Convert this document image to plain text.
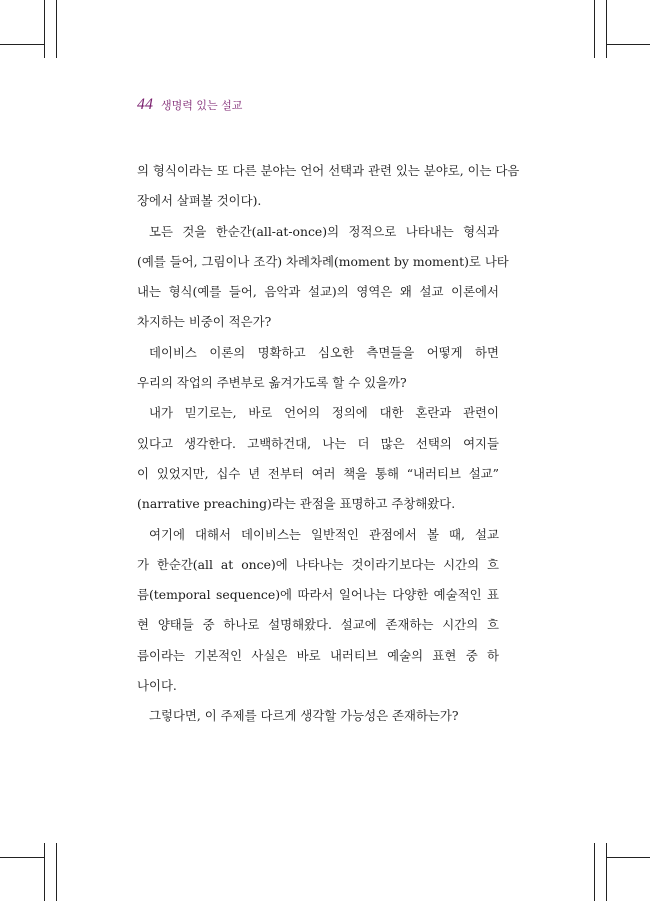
44 생명력 있는 설교

의 형식이라는 또 다른 분야는 언어 선택과 관련 있는 분야로, 이는 다음
장에서 살펴볼 것이다).

모든 것을 한순간(all-at-once)의 정적으로 나타내는 형식과
(예를 들어, 그림이나 조각) 차례차례(moment by moment)로 나타
내는 형식(예를 들어, 음악과 설교)의 영역은 왜 설교 이론에서
차지하는 비중이 적은가?

데이비스 이론의 명확하고 심오한 측면들을 어떻게 하면
우리의 작업의 주변부로 옮겨가도록 할 수 있을까?

내가 믿기로는, 바로 언어의 정의에 대한 혼란과 관련이
있다고 생각한다. 고백하건대, 나는 더 많은 선택의 여지들
이 있었지만, 십수 년 전부터 여러 책을 통해 “내러티브 설교”
(narrative preaching)라는 관점을 표명하고 주창해왔다.

여기에 대해서 데이비스는 일반적인 관점에서 볼 때, 설교
가 한순간(all at once)에 나타나는 것이라기보다는 시간의 흐
름(temporal sequence)에 따라서 일어나는 다양한 예술적인 표
현 양태들 중 하나로 설명해왔다. 설교에 존재하는 시간의 흐
름이라는 기본적인 사실은 바로 내러티브 예술의 표현 중 하
나이다.

그렇다면, 이 주제를 다르게 생각할 가능성은 존재하는가?
